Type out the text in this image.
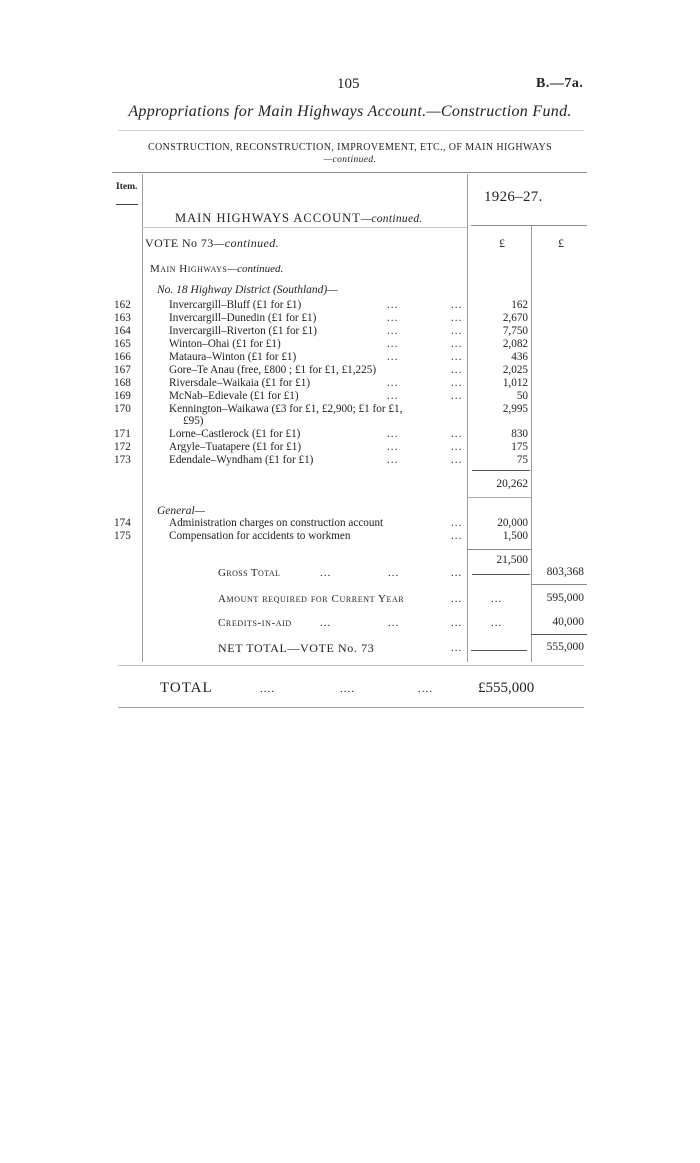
105	B.—7a.
Appropriations for Main Highways Account.—Construction Fund.
CONSTRUCTION, RECONSTRUCTION, IMPROVEMENT, ETC., OF MAIN HIGHWAYS
—continued.
Item.
1926–27.
MAIN HIGHWAYS ACCOUNT—continued.
VOTE No 73—continued.	£	£
Main Highways—continued.
No. 18 Highway District (Southland)—
162	Invercargill–Bluff (£1 for £1)	...	...	162
163	Invercargill–Dunedin (£1 for £1)	...	...	2,670
164	Invercargill–Riverton (£1 for £1)	...	...	7,750
165	Winton–Ohai (£1 for £1)	...	...	2,082
166	Mataura–Winton (£1 for £1)	...	...	436
167	Gore–Te Anau (free, £800 ; £1 for £1, £1,225)	...	2,025
168	Riversdale–Waikaia (£1 for £1)	...	...	1,012
169	McNab–Edievale (£1 for £1)	...	...	50
170	Kennington–Waikawa (£3 for £1, £2,900; £1 for £1,	2,995
£95)
171	Lorne–Castlerock (£1 for £1)	...	...	830
172	Argyle–Tuatapere (£1 for £1)	...	...	175
173	Edendale–Wyndham (£1 for £1)	...	...	75
20,262
General—
174	Administration charges on construction account	...	20,000
175	Compensation for accidents to workmen	...	1,500
21,500
Gross Total	...	...	...	803,368
Amount required for Current Year	...	...	595,000
Credits-in-aid	...	...	...	...	40,000
NET TOTAL—VOTE No. 73	...	555,000
TOTAL	....	....	....	£555,000
